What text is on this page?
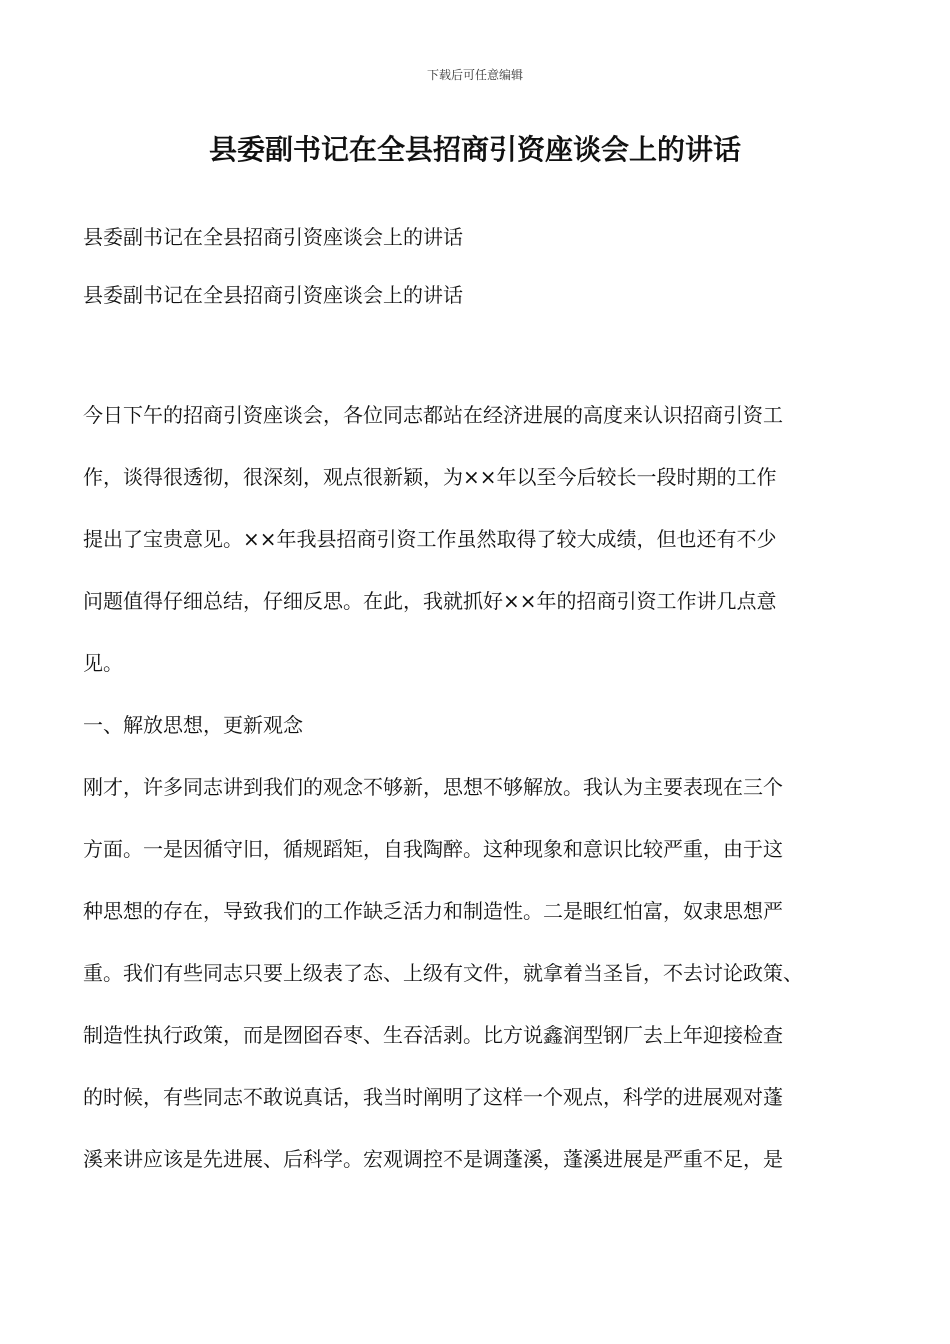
下载后可任意编辑
县委副书记在全县招商引资座谈会上的讲话
县委副书记在全县招商引资座谈会上的讲话
县委副书记在全县招商引资座谈会上的讲话
今日下午的招商引资座谈会，各位同志都站在经济进展的高度来认识招商引资工
作，谈得很透彻，很深刻，观点很新颖，为××年以至今后较长一段时期的工作
提出了宝贵意见。××年我县招商引资工作虽然取得了较大成绩，但也还有不少
问题值得仔细总结，仔细反思。在此，我就抓好××年的招商引资工作讲几点意
见。
一、解放思想，更新观念
刚才，许多同志讲到我们的观念不够新，思想不够解放。我认为主要表现在三个
方面。一是因循守旧，循规蹈矩，自我陶醉。这种现象和意识比较严重，由于这
种思想的存在，导致我们的工作缺乏活力和制造性。二是眼红怕富，奴隶思想严
重。我们有些同志只要上级表了态、上级有文件，就拿着当圣旨，不去讨论政策、
制造性执行政策，而是囫囵吞枣、生吞活剥。比方说鑫润型钢厂去上年迎接检查
的时候，有些同志不敢说真话，我当时阐明了这样一个观点，科学的进展观对蓬
溪来讲应该是先进展、后科学。宏观调控不是调蓬溪，蓬溪进展是严重不足，是
